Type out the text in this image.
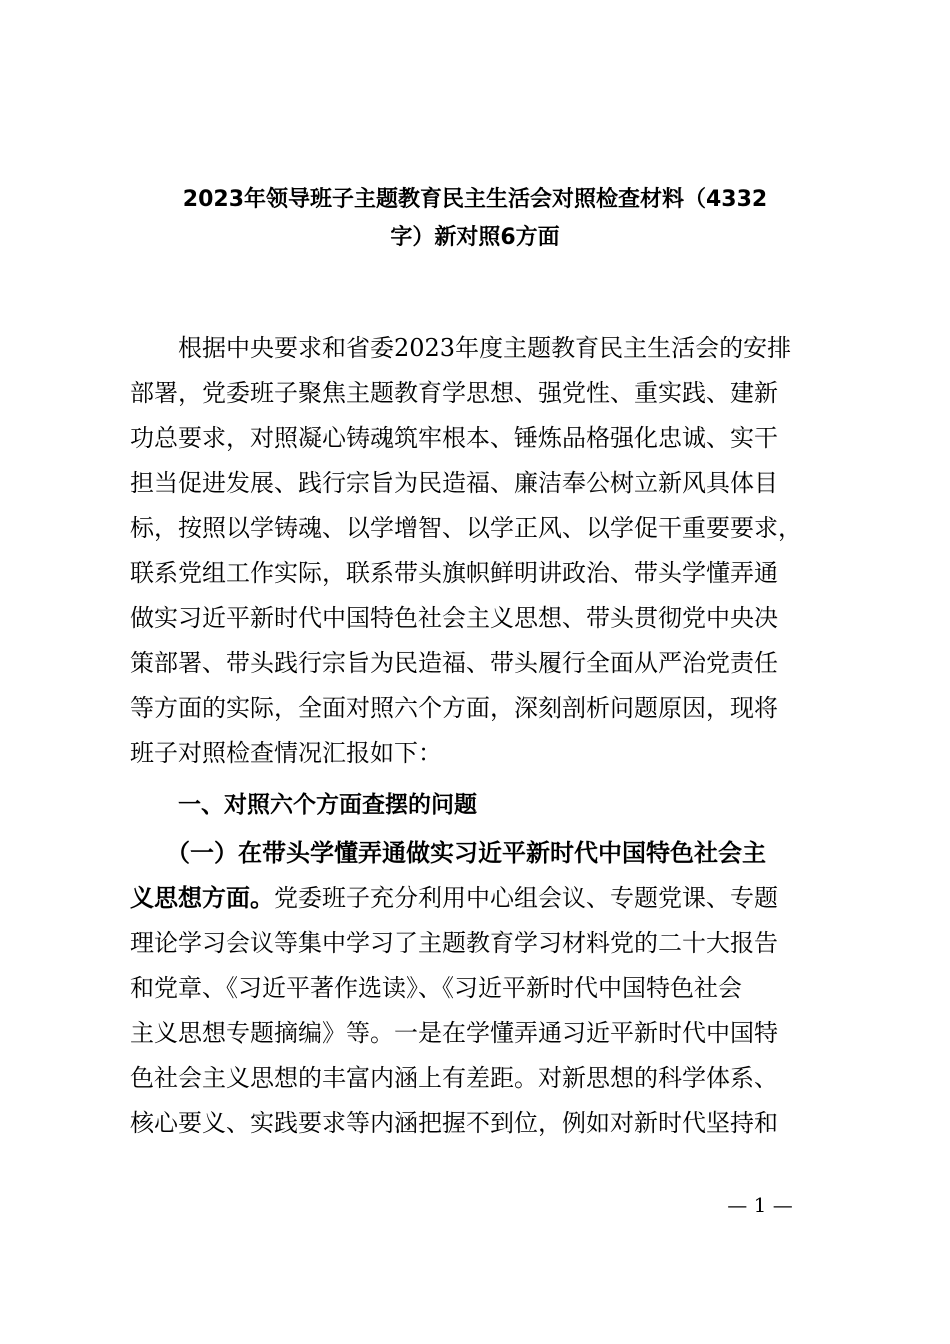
2023年领导班子主题教育民主生活会对照检查材料（4332
字）新对照6方面
　　根据中央要求和省委2023年度主题教育民主生活会的安排
部署，党委班子聚焦主题教育学思想、强党性、重实践、建新
功总要求，对照凝心铸魂筑牢根本、锤炼品格强化忠诚、实干
担当促进发展、践行宗旨为民造福、廉洁奉公树立新风具体目
标，按照以学铸魂、以学增智、以学正风、以学促干重要要求，
联系党组工作实际，联系带头旗帜鲜明讲政治、带头学懂弄通
做实习近平新时代中国特色社会主义思想、带头贯彻党中央决
策部署、带头践行宗旨为民造福、带头履行全面从严治党责任
等方面的实际，全面对照六个方面，深刻剖析问题原因，现将
班子对照检查情况汇报如下：
一、对照六个方面查摆的问题
　　（一）在带头学懂弄通做实习近平新时代中国特色社会主
义思想方面。党委班子充分利用中心组会议、专题党课、专题
理论学习会议等集中学习了主题教育学习材料党的二十大报告
和党章、《习近平著作选读》、《习近平新时代中国特色社会
主义思想专题摘编》等。一是在学懂弄通习近平新时代中国特
色社会主义思想的丰富内涵上有差距。对新思想的科学体系、
核心要义、实践要求等内涵把握不到位，例如对新时代坚持和
— 1 —
